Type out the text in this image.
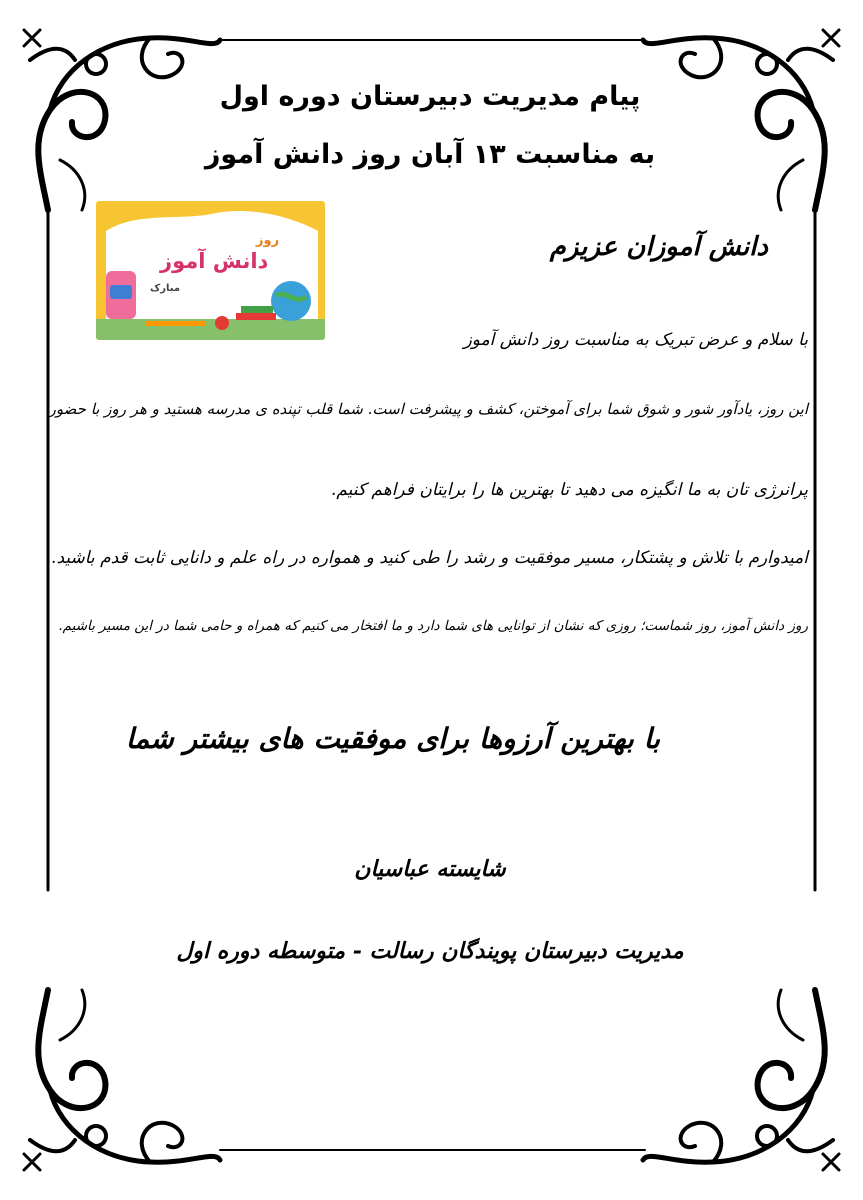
پیام مدیریت دبیرستان دوره اول
به مناسبت ۱۳ آبان روز دانش آموز
روز
دانش آموز
مبارک
دانش آموزان عزیزم
با سلام و عرض تبریک به مناسبت روز دانش آموز
این روز، یادآور شور و شوق شما برای آموختن، کشف و پیشرفت است. شما قلب تپنده ی مدرسه هستید و هر روز با حضور
پرانرژی تان به ما انگیزه می دهید تا بهترین ها را برایتان فراهم کنیم.
امیدوارم با تلاش و پشتکار، مسیر موفقیت و رشد را طی کنید و همواره در راه علم و دانایی ثابت قدم باشید.
روز دانش آموز، روز شماست؛ روزی که نشان از توانایی های شما دارد و ما افتخار می کنیم که همراه و حامی شما در این مسیر باشیم.
با بهترین آرزوها برای موفقیت های بیشتر شما
شایسته عباسیان
مدیریت دبیرستان پویندگان رسالت - متوسطه دوره اول
